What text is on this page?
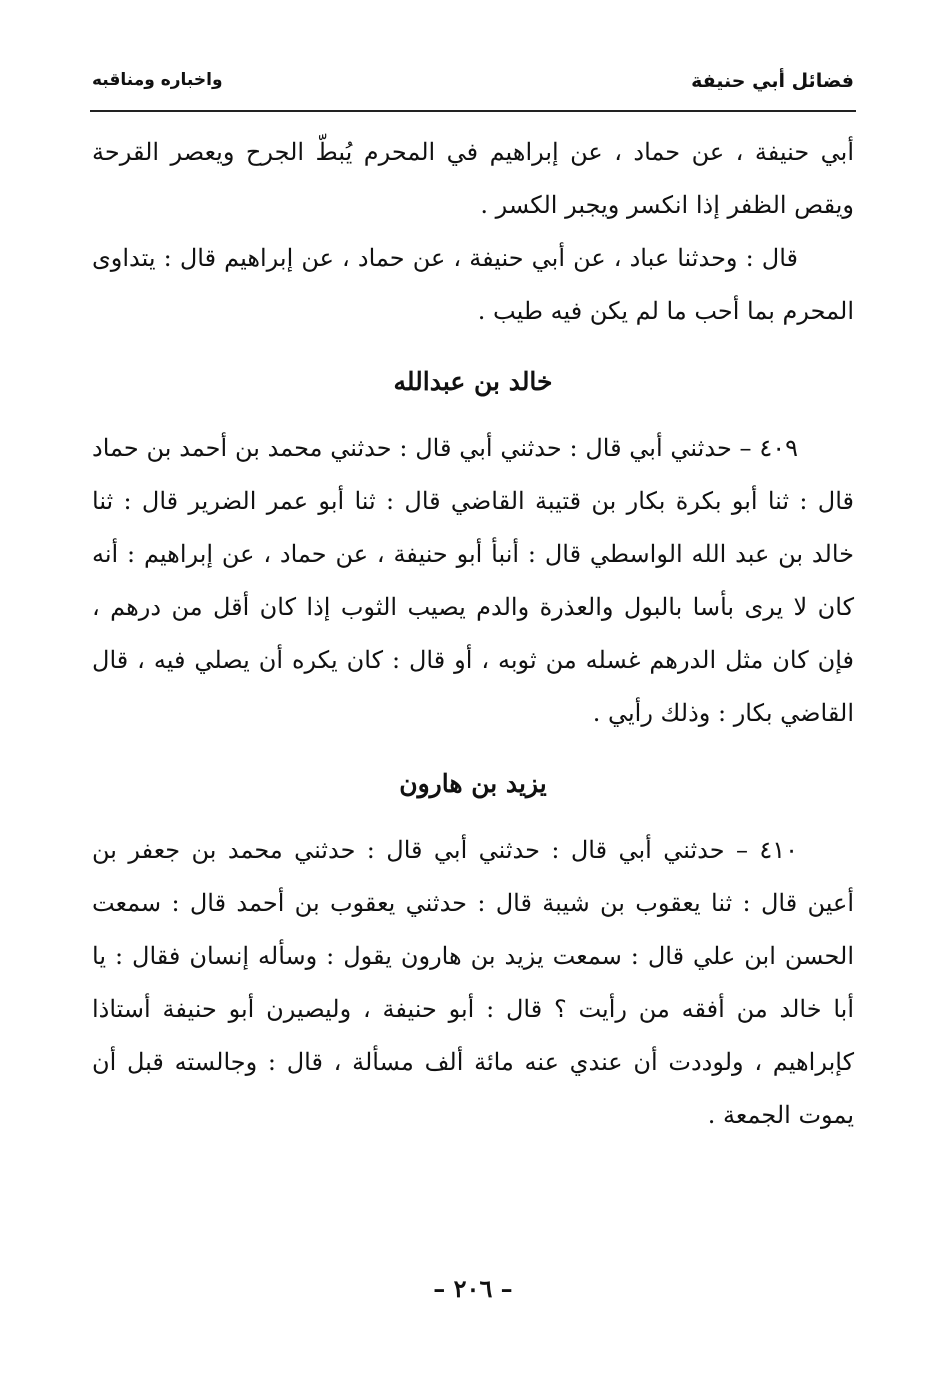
فضائل أبي حنيفة
واخباره ومناقبه

أبي حنيفة ، عن حماد ، عن إبراهيم في المحرم يُبطّ الجرح ويعصر القرحة ويقص الظفر إذا انكسر ويجبر الكسر .

قال : وحدثنا عباد ، عن أبي حنيفة ، عن حماد ، عن إبراهيم قال : يتداوى المحرم بما أحب ما لم يكن فيه طيب .

خالد بن عبدالله

٤٠٩ – حدثني أبي قال : حدثني أبي قال : حدثني محمد بن أحمد بن حماد قال : ثنا أبو بكرة بكار بن قتيبة القاضي قال : ثنا أبو عمر الضرير قال : ثنا خالد بن عبد الله الواسطي قال : أنبأ أبو حنيفة ، عن حماد ، عن إبراهيم : أنه كان لا يرى بأسا بالبول والعذرة والدم يصيب الثوب إذا كان أقل من درهم ، فإن كان مثل الدرهم غسله من ثوبه ، أو قال : كان يكره أن يصلي فيه ، قال القاضي بكار : وذلك رأيي .

يزيد بن هارون

٤١٠ – حدثني أبي قال : حدثني أبي قال : حدثني محمد بن جعفر بن أعين قال : ثنا يعقوب بن شيبة قال : حدثني يعقوب بن أحمد قال : سمعت الحسن ابن علي قال : سمعت يزيد بن هارون يقول : وسأله إنسان فقال : يا أبا خالد من أفقه من رأيت ؟ قال : أبو حنيفة ، وليصيرن أبو حنيفة أستاذا كإبراهيم ، ولوددت أن عندي عنه مائة ألف مسألة ، قال : وجالسته قبل أن يموت الجمعة .

– ٢٠٦ –
